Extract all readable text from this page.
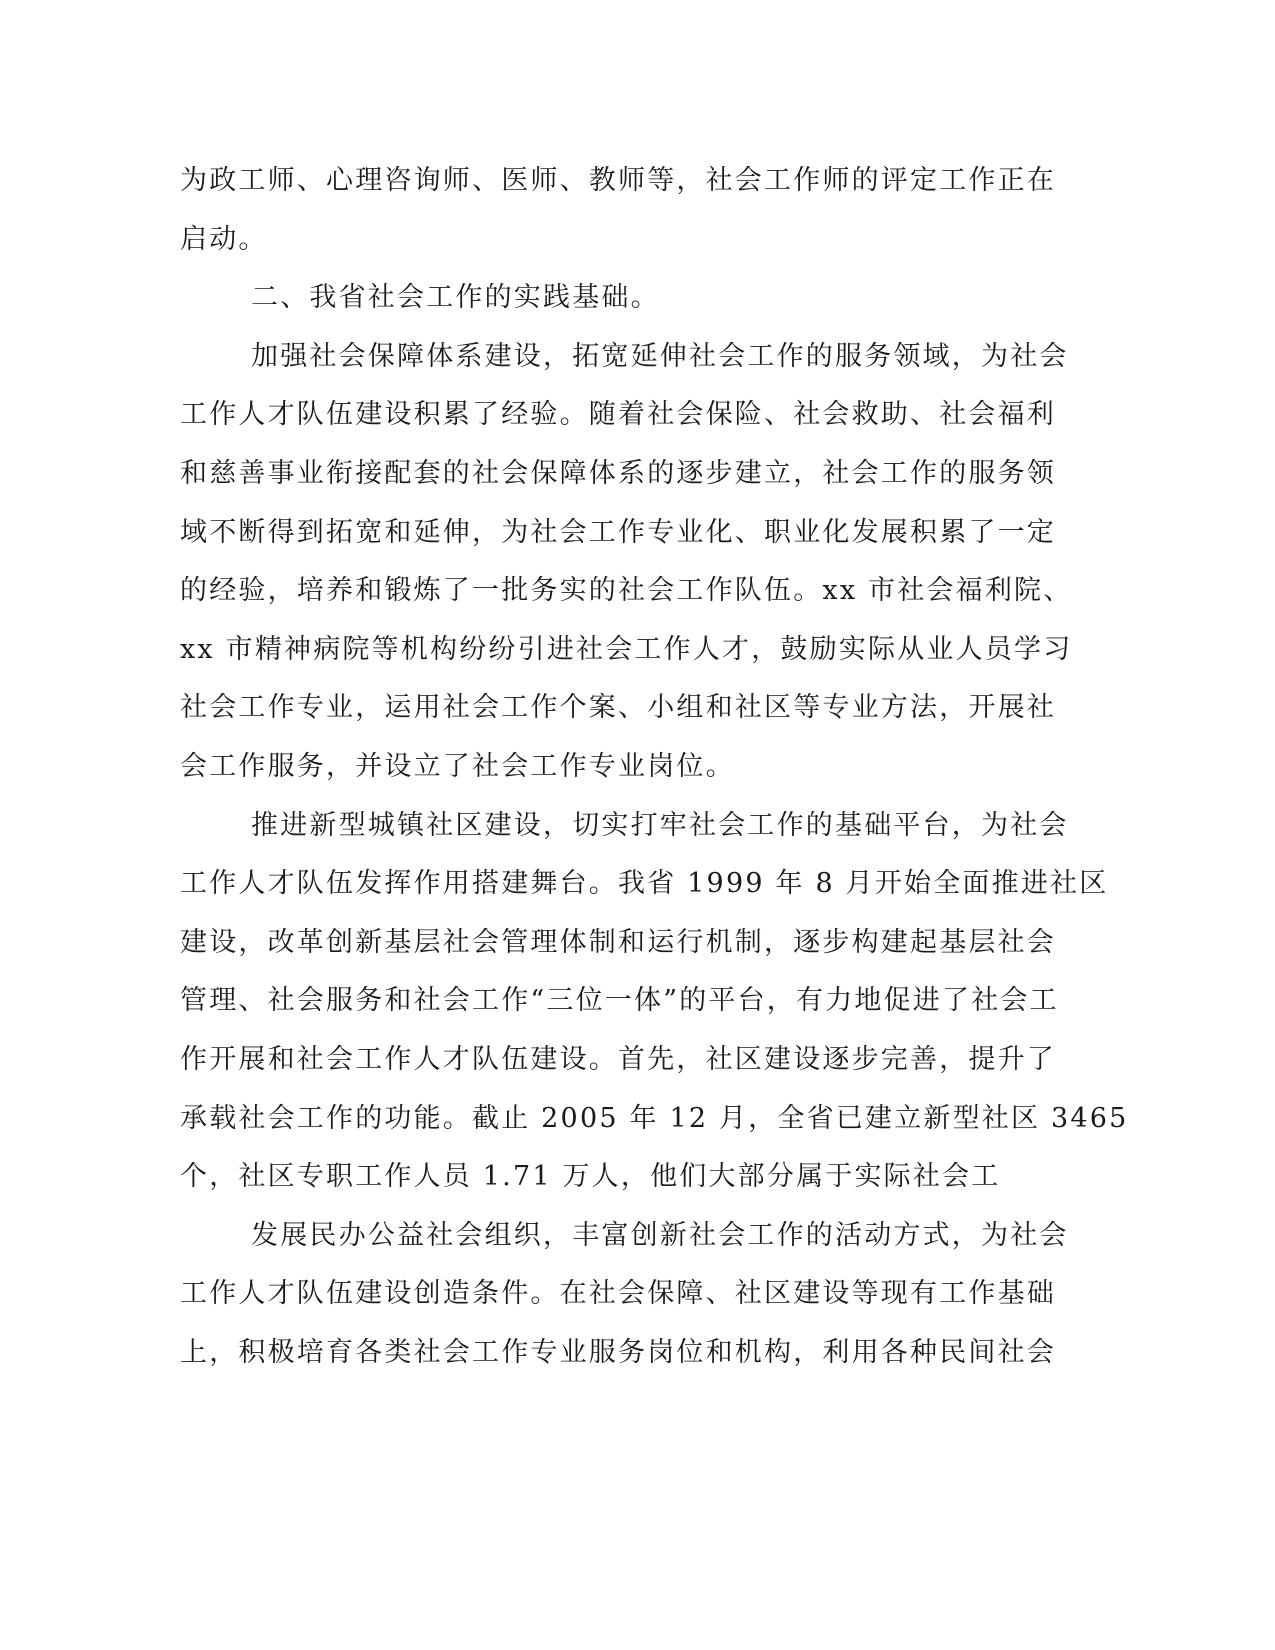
为政工师、心理咨询师、医师、教师等，社会工作师的评定工作正在
启动。
二、我省社会工作的实践基础。
加强社会保障体系建设，拓宽延伸社会工作的服务领域，为社会
工作人才队伍建设积累了经验。随着社会保险、社会救助、社会福利
和慈善事业衔接配套的社会保障体系的逐步建立，社会工作的服务领
域不断得到拓宽和延伸，为社会工作专业化、职业化发展积累了一定
的经验，培养和锻炼了一批务实的社会工作队伍。xx 市社会福利院、
xx 市精神病院等机构纷纷引进社会工作人才，鼓励实际从业人员学习
社会工作专业，运用社会工作个案、小组和社区等专业方法，开展社
会工作服务，并设立了社会工作专业岗位。
推进新型城镇社区建设，切实打牢社会工作的基础平台，为社会
工作人才队伍发挥作用搭建舞台。我省 1999 年 8 月开始全面推进社区
建设，改革创新基层社会管理体制和运行机制，逐步构建起基层社会
管理、社会服务和社会工作“三位一体”的平台，有力地促进了社会工
作开展和社会工作人才队伍建设。首先，社区建设逐步完善，提升了
承载社会工作的功能。截止 2005 年 12 月，全省已建立新型社区 3465
个，社区专职工作人员 1.71 万人，他们大部分属于实际社会工
发展民办公益社会组织，丰富创新社会工作的活动方式，为社会
工作人才队伍建设创造条件。在社会保障、社区建设等现有工作基础
上，积极培育各类社会工作专业服务岗位和机构，利用各种民间社会
